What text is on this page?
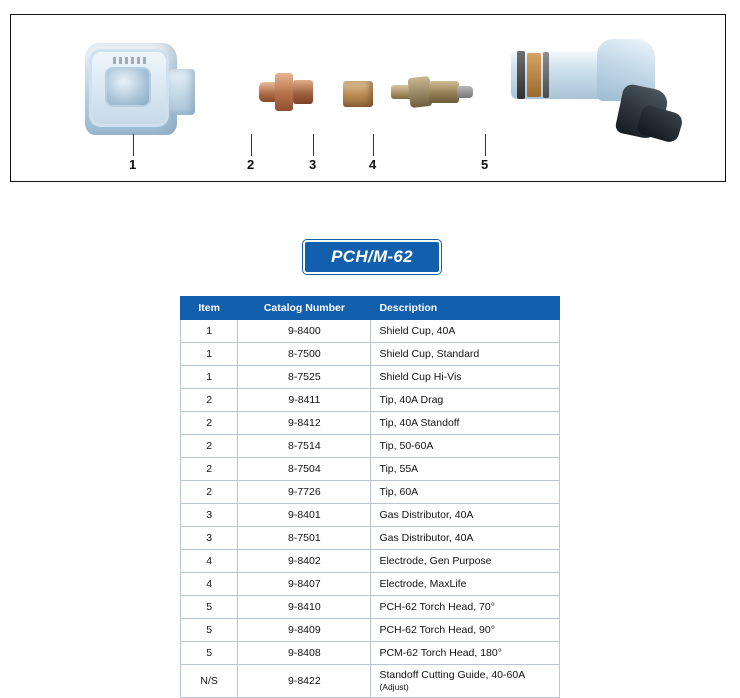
1	2	3	4	5
PCH/M-62
Item	Catalog Number	Description
1	9-8400	Shield Cup, 40A
1	8-7500	Shield Cup, Standard
1	8-7525	Shield Cup Hi-Vis
2	9-8411	Tip, 40A Drag
2	9-8412	Tip, 40A Standoff
2	8-7514	Tip, 50-60A
2	8-7504	Tip, 55A
2	9-7726	Tip, 60A
3	9-8401	Gas Distributor, 40A
3	8-7501	Gas Distributor, 40A
4	9-8402	Electrode, Gen Purpose
4	9-8407	Electrode, MaxLife
5	9-8410	PCH-62 Torch Head, 70°
5	9-8409	PCH-62 Torch Head, 90°
5	9-8408	PCM-62 Torch Head, 180°
N/S	9-8422	Standoff Cutting Guide, 40-60A (Adjust)
